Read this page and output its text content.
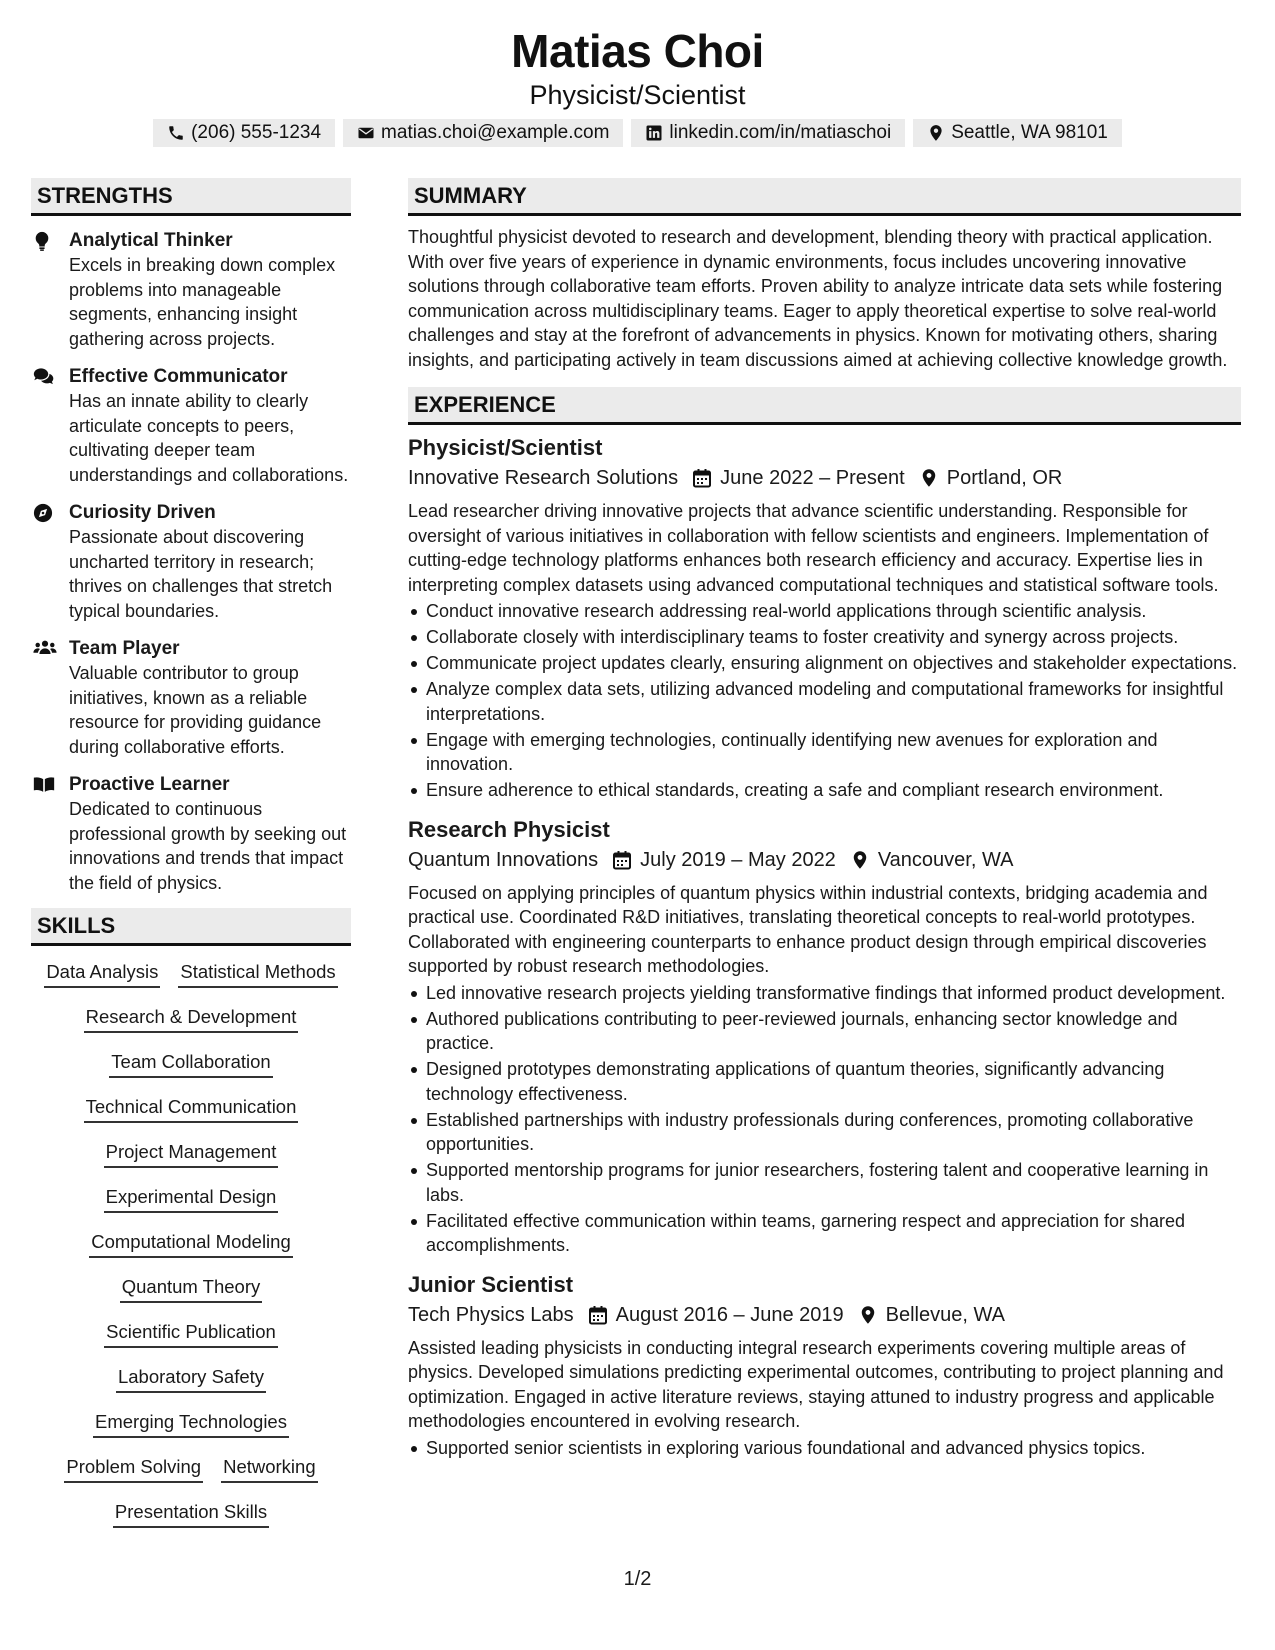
Matias Choi
Physicist/Scientist
(206) 555-1234	matias.choi@example.com	linkedin.com/in/matiaschoi	Seattle, WA 98101
STRENGTHS
Analytical Thinker
Excels in breaking down complex problems into manageable segments, enhancing insight gathering across projects.
Effective Communicator
Has an innate ability to clearly articulate concepts to peers, cultivating deeper team understandings and collaborations.
Curiosity Driven
Passionate about discovering uncharted territory in research; thrives on challenges that stretch typical boundaries.
Team Player
Valuable contributor to group initiatives, known as a reliable resource for providing guidance during collaborative efforts.
Proactive Learner
Dedicated to continuous professional growth by seeking out innovations and trends that impact the field of physics.
SKILLS
Data Analysis Statistical Methods
Research & Development
Team Collaboration
Technical Communication
Project Management
Experimental Design
Computational Modeling
Quantum Theory
Scientific Publication
Laboratory Safety
Emerging Technologies
Problem Solving Networking
Presentation Skills
SUMMARY
Thoughtful physicist devoted to research and development, blending theory with practical application. With over five years of experience in dynamic environments, focus includes uncovering innovative solutions through collaborative team efforts. Proven ability to analyze intricate data sets while fostering communication across multidisciplinary teams. Eager to apply theoretical expertise to solve real-world challenges and stay at the forefront of advancements in physics. Known for motivating others, sharing insights, and participating actively in team discussions aimed at achieving collective knowledge growth.
EXPERIENCE
Physicist/Scientist
Innovative Research Solutions June 2022 – Present Portland, OR
Lead researcher driving innovative projects that advance scientific understanding. Responsible for oversight of various initiatives in collaboration with fellow scientists and engineers. Implementation of cutting-edge technology platforms enhances both research efficiency and accuracy. Expertise lies in interpreting complex datasets using advanced computational techniques and statistical software tools.
Conduct innovative research addressing real-world applications through scientific analysis.
Collaborate closely with interdisciplinary teams to foster creativity and synergy across projects.
Communicate project updates clearly, ensuring alignment on objectives and stakeholder expectations.
Analyze complex data sets, utilizing advanced modeling and computational frameworks for insightful interpretations.
Engage with emerging technologies, continually identifying new avenues for exploration and innovation.
Ensure adherence to ethical standards, creating a safe and compliant research environment.
Research Physicist
Quantum Innovations July 2019 – May 2022 Vancouver, WA
Focused on applying principles of quantum physics within industrial contexts, bridging academia and practical use. Coordinated R&D initiatives, translating theoretical concepts to real-world prototypes. Collaborated with engineering counterparts to enhance product design through empirical discoveries supported by robust research methodologies.
Led innovative research projects yielding transformative findings that informed product development.
Authored publications contributing to peer-reviewed journals, enhancing sector knowledge and practice.
Designed prototypes demonstrating applications of quantum theories, significantly advancing technology effectiveness.
Established partnerships with industry professionals during conferences, promoting collaborative opportunities.
Supported mentorship programs for junior researchers, fostering talent and cooperative learning in labs.
Facilitated effective communication within teams, garnering respect and appreciation for shared accomplishments.
Junior Scientist
Tech Physics Labs August 2016 – June 2019 Bellevue, WA
Assisted leading physicists in conducting integral research experiments covering multiple areas of physics. Developed simulations predicting experimental outcomes, contributing to project planning and optimization. Engaged in active literature reviews, staying attuned to industry progress and applicable methodologies encountered in evolving research.
Supported senior scientists in exploring various foundational and advanced physics topics.
1/2
